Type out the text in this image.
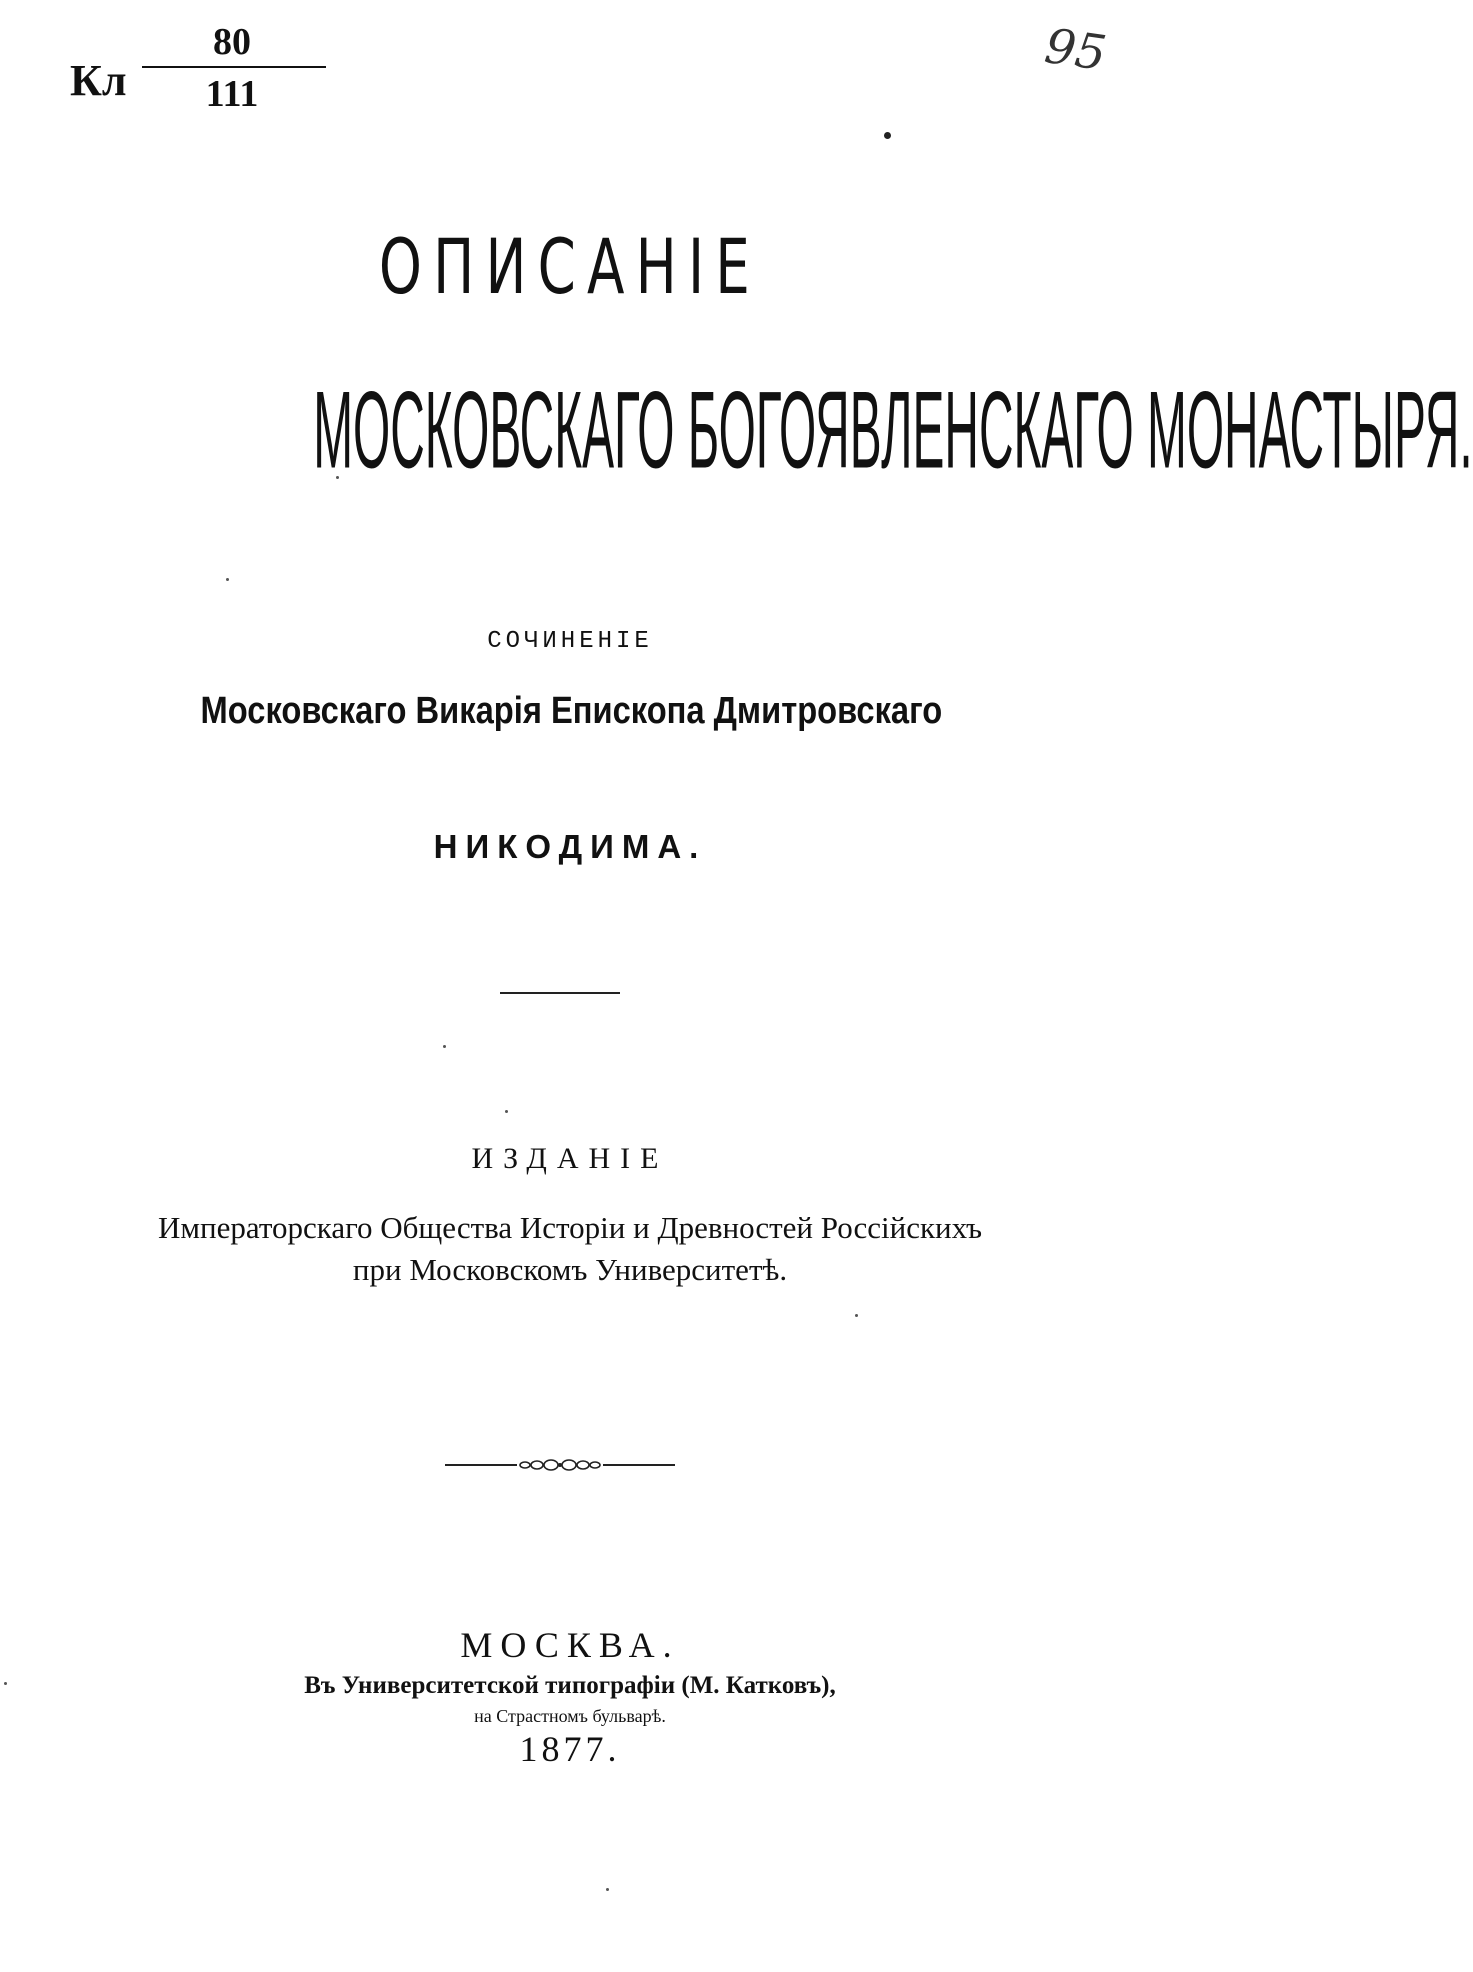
Кл
80
111
95
ОПИСАНІЕ
МОСКОВСКАГО БОГОЯВЛЕНСКАГО МОНАСТЫРЯ.
СОЧИНЕНІЕ
Московскаго Викарія Епископа Дмитровскаго
НИКОДИМА.
ИЗДАНІЕ
Императорскаго Общества Исторіи и Древностей Россійскихъ
при Московскомъ Университетѣ.
МОСКВА.
Въ Университетской типографіи (М. Катковъ),
на Страстномъ бульварѣ.
1877.
